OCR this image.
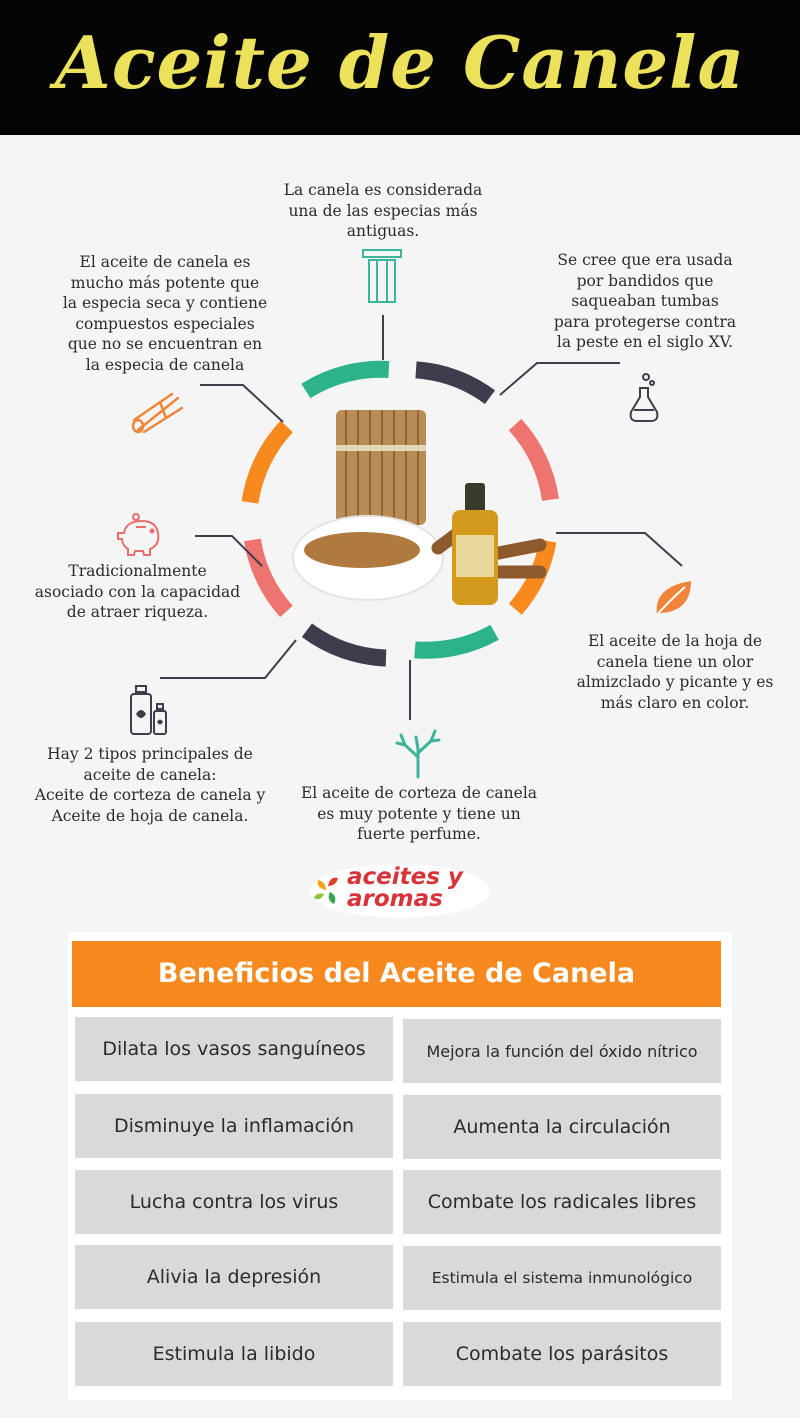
Aceite de Canela
La canela es considerada
una de las especias más
antiguas.
El aceite de canela es
mucho más potente que
la especia seca y contiene
compuestos especiales
que no se encuentran en
la especia de canela
Se cree que era usada
por bandidos que
saqueaban tumbas
para protegerse contra
la peste en el siglo XV.
Tradicionalmente
asociado con la capacidad
de atraer riqueza.
El aceite de la hoja de
canela tiene un olor
almizclado y picante y es
más claro en color.
Hay 2 tipos principales de
aceite de canela:
Aceite de corteza de canela y
Aceite de hoja de canela.
El aceite de corteza de canela
es muy potente y tiene un
fuerte perfume.
aceites y
aromas
Beneficios del Aceite de Canela
Dilata los vasos sanguíneos	Mejora la función del óxido nítrico
Disminuye la inflamación	Aumenta la circulación
Lucha contra los virus	Combate los radicales libres
Alivia la depresión	Estimula el sistema inmunológico
Estimula la libido	Combate los parásitos
